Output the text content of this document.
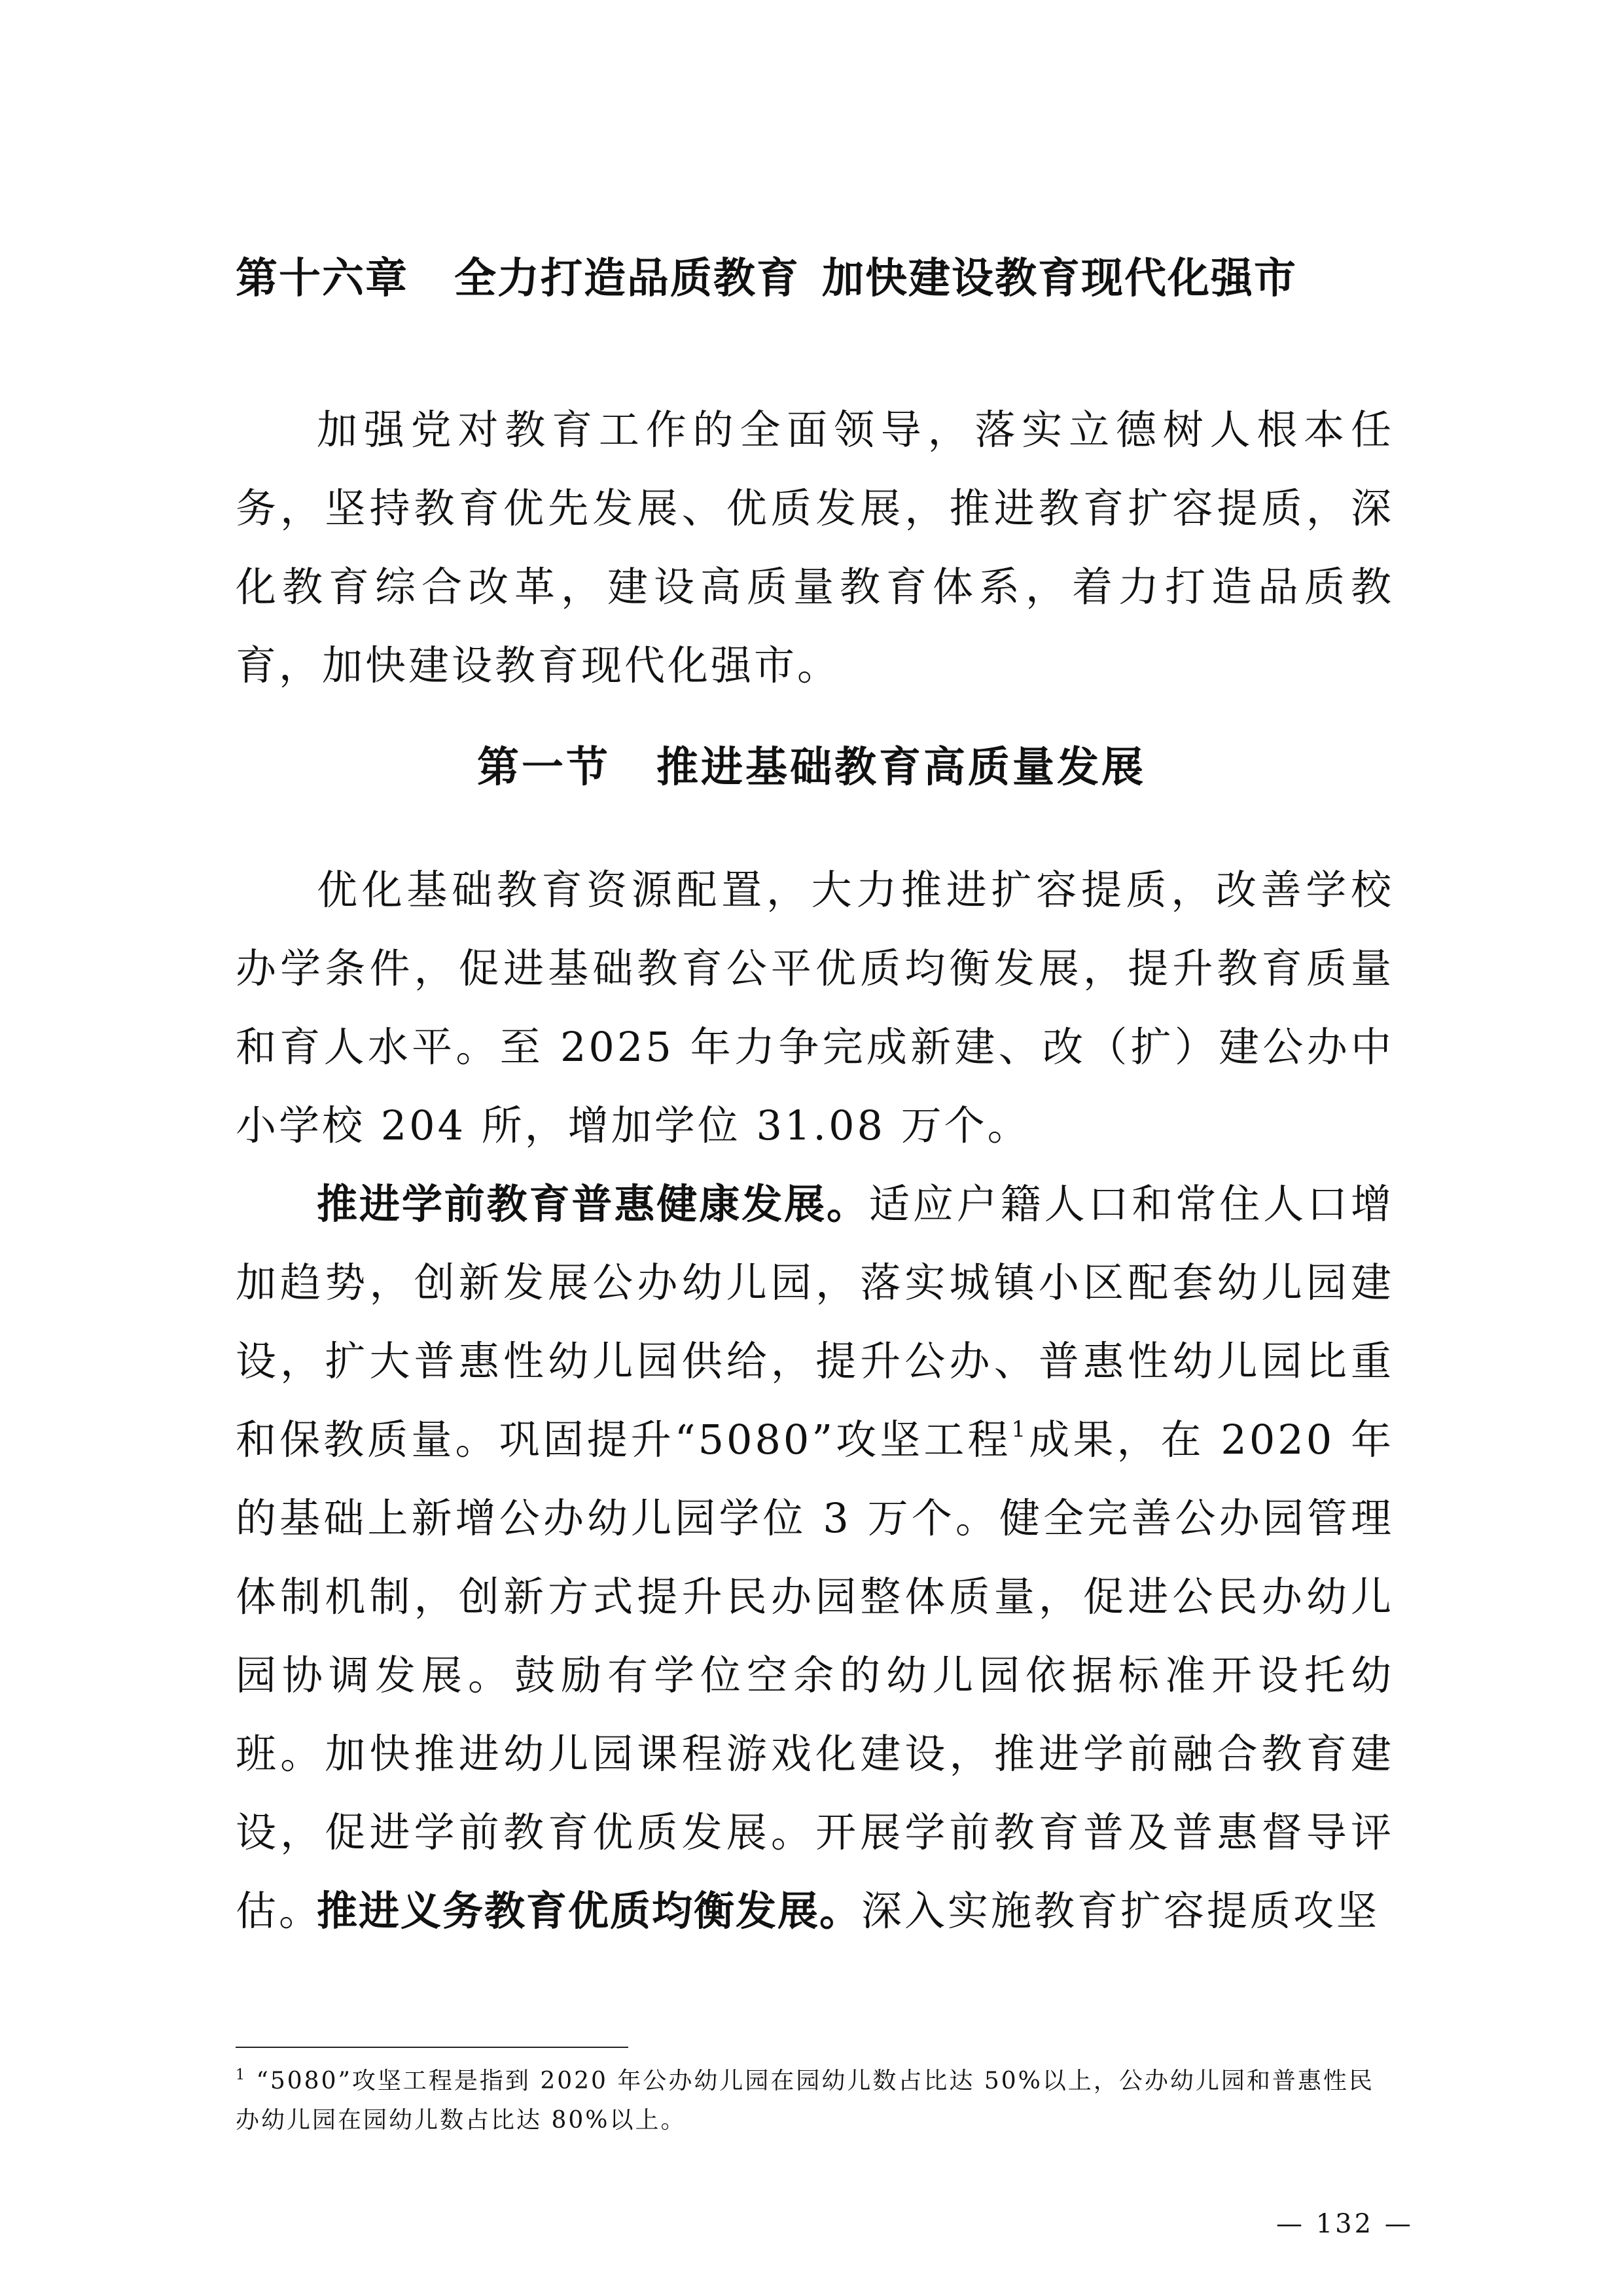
第十六章 全力打造品质教育 加快建设教育现代化强市
加强党对教育工作的全面领导，落实立德树人根本任务，坚持教育优先发展、优质发展，推进教育扩容提质，深化教育综合改革，建设高质量教育体系，着力打造品质教育，加快建设教育现代化强市。
第一节 推进基础教育高质量发展
优化基础教育资源配置，大力推进扩容提质，改善学校办学条件，促进基础教育公平优质均衡发展，提升教育质量和育人水平。至 2025 年力争完成新建、改（扩）建公办中小学校 204 所，增加学位 31.08 万个。
推进学前教育普惠健康发展。适应户籍人口和常住人口增加趋势，创新发展公办幼儿园，落实城镇小区配套幼儿园建设，扩大普惠性幼儿园供给，提升公办、普惠性幼儿园比重和保教质量。巩固提升“5080”攻坚工程$^1$成果，在 2020 年的基础上新增公办幼儿园学位 3 万个。健全完善公办园管理体制机制，创新方式提升民办园整体质量，促进公民办幼儿园协调发展。鼓励有学位空余的幼儿园依据标准开设托幼班。加快推进幼儿园课程游戏化建设，推进学前融合教育建设，促进学前教育优质发展。开展学前教育普及普惠督导评估。
推进义务教育优质均衡发展。深入实施教育扩容提质攻坚
$^1$ “5080”攻坚工程是指到 2020 年公办幼儿园在园幼儿数占比达 50%以上，公办幼儿园和普惠性民办幼儿园在园幼儿数占比达 80%以上。
— 132 —
